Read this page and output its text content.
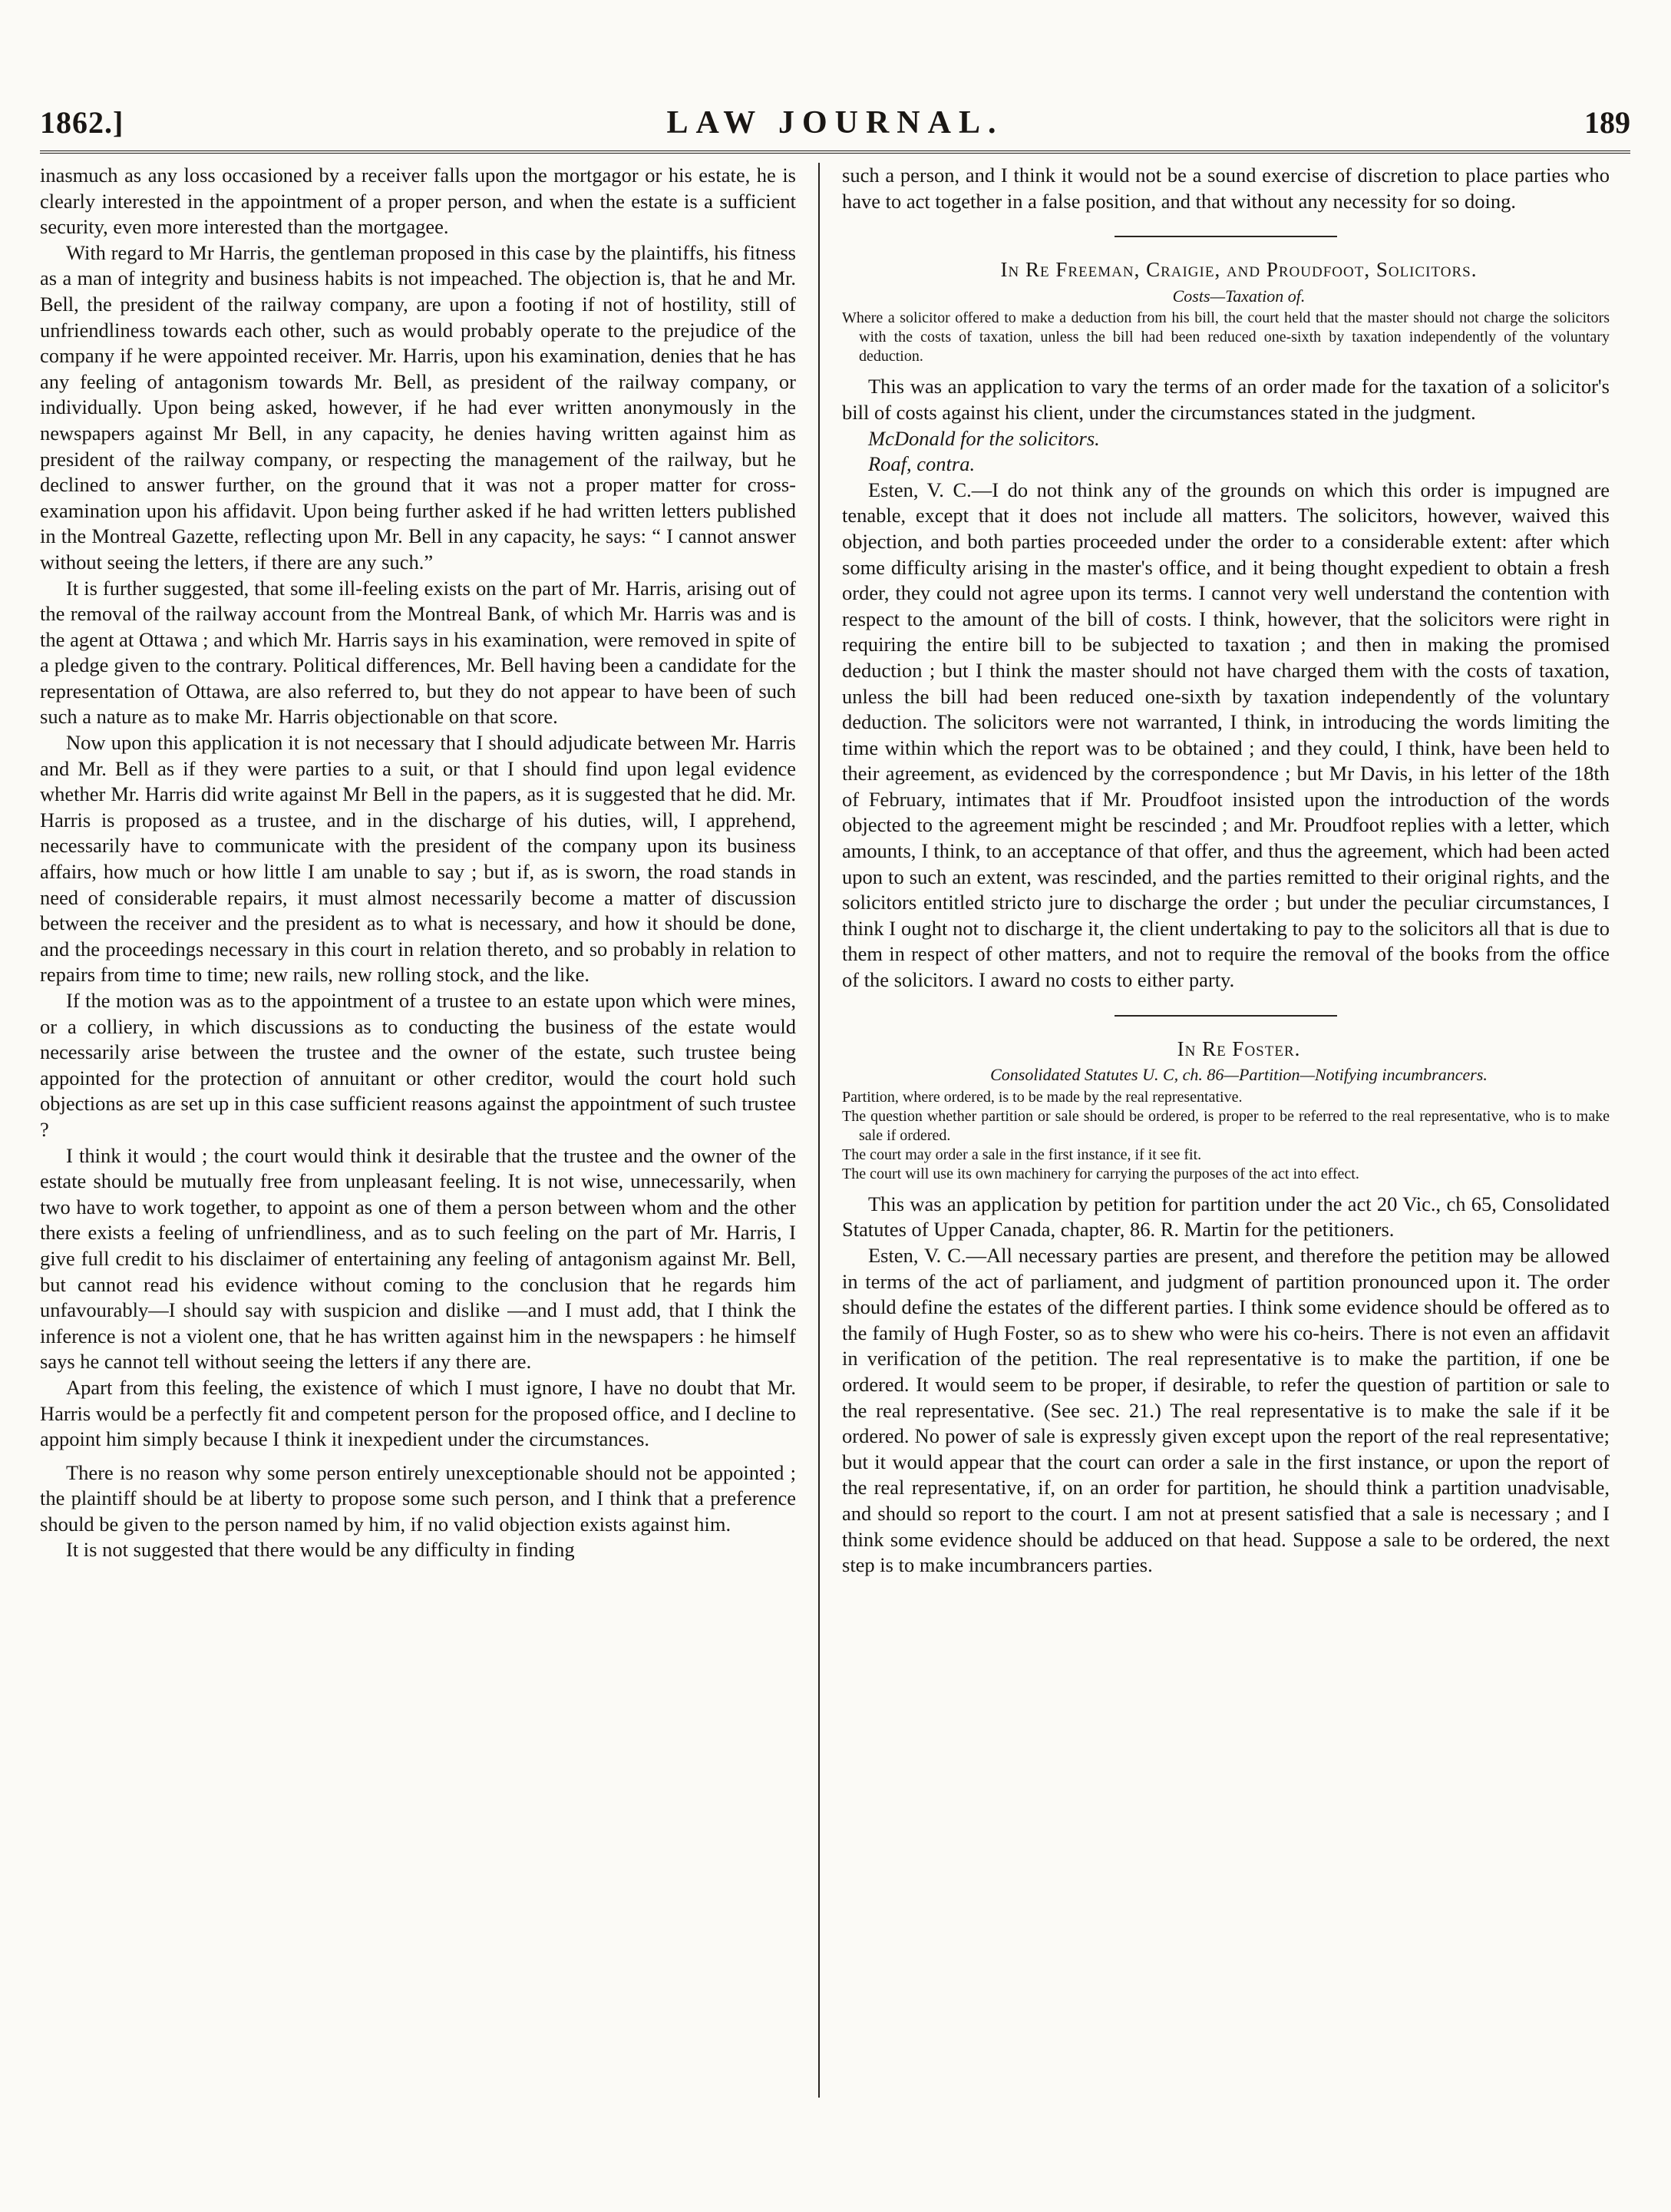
1862.]	LAW JOURNAL.	189

inasmuch as any loss occasioned by a receiver falls upon the mortgagor or his estate, he is clearly interested in the appointment of a proper person, and when the estate is a sufficient security, even more interested than the mortgagee.

With regard to Mr Harris, the gentleman proposed in this case by the plaintiffs, his fitness as a man of integrity and business habits is not impeached. The objection is, that he and Mr. Bell, the president of the railway company, are upon a footing if not of hostility, still of unfriendliness towards each other, such as would probably operate to the prejudice of the company if he were appointed receiver. Mr. Harris, upon his examination, denies that he has any feeling of antagonism towards Mr. Bell, as president of the railway company, or individually. Upon being asked, however, if he had ever written anonymously in the newspapers against Mr Bell, in any capacity, he denies having written against him as president of the railway company, or respecting the management of the railway, but he declined to answer further, on the ground that it was not a proper matter for cross-examination upon his affidavit. Upon being further asked if he had written letters published in the Montreal Gazette, reflecting upon Mr. Bell in any capacity, he says: “ I cannot answer without seeing the letters, if there are any such.”

It is further suggested, that some ill-feeling exists on the part of Mr. Harris, arising out of the removal of the railway account from the Montreal Bank, of which Mr. Harris was and is the agent at Ottawa ; and which Mr. Harris says in his examination, were removed in spite of a pledge given to the contrary. Political differences, Mr. Bell having been a candidate for the representation of Ottawa, are also referred to, but they do not appear to have been of such such a nature as to make Mr. Harris objectionable on that score.

Now upon this application it is not necessary that I should adjudicate between Mr. Harris and Mr. Bell as if they were parties to a suit, or that I should find upon legal evidence whether Mr. Harris did write against Mr Bell in the papers, as it is suggested that he did. Mr. Harris is proposed as a trustee, and in the discharge of his duties, will, I apprehend, necessarily have to communicate with the president of the company upon its business affairs, how much or how little I am unable to say ; but if, as is sworn, the road stands in need of considerable repairs, it must almost necessarily become a matter of discussion between the receiver and the president as to what is necessary, and how it should be done, and the proceedings necessary in this court in relation thereto, and so probably in relation to repairs from time to time; new rails, new rolling stock, and the like.

If the motion was as to the appointment of a trustee to an estate upon which were mines, or a colliery, in which discussions as to conducting the business of the estate would necessarily arise between the trustee and the owner of the estate, such trustee being appointed for the protection of annuitant or other creditor, would the court hold such objections as are set up in this case sufficient reasons against the appointment of such trustee ?

I think it would ; the court would think it desirable that the trustee and the owner of the estate should be mutually free from unpleasant feeling. It is not wise, unnecessarily, when two have to work together, to appoint as one of them a person between whom and the other there exists a feeling of unfriendliness, and as to such feeling on the part of Mr. Harris, I give full credit to his disclaimer of entertaining any feeling of antagonism against Mr. Bell, but cannot read his evidence without coming to the conclusion that he regards him unfavourably—I should say with suspicion and dislike —and I must add, that I think the inference is not a violent one, that he has written against him in the newspapers : he himself says he cannot tell without seeing the letters if any there are.

Apart from this feeling, the existence of which I must ignore, I have no doubt that Mr. Harris would be a perfectly fit and competent person for the proposed office, and I decline to appoint him simply because I think it inexpedient under the circumstances.

There is no reason why some person entirely unexceptionable should not be appointed ; the plaintiff should be at liberty to propose some such person, and I think that a preference should be given to the person named by him, if no valid objection exists against him.

It is not suggested that there would be any difficulty in finding

such a person, and I think it would not be a sound exercise of discretion to place parties who have to act together in a false position, and that without any necessity for so doing.

In Re Freeman, Craigie, and Proudfoot, Solicitors.

Costs—Taxation of.

Where a solicitor offered to make a deduction from his bill, the court held that the master should not charge the solicitors with the costs of taxation, unless the bill had been reduced one-sixth by taxation independently of the voluntary deduction.

This was an application to vary the terms of an order made for the taxation of a solicitor's bill of costs against his client, under the circumstances stated in the judgment.

McDonald for the solicitors.

Roaf, contra.

Esten, V. C.—I do not think any of the grounds on which this order is impugned are tenable, except that it does not include all matters. The solicitors, however, waived this objection, and both parties proceeded under the order to a considerable extent: after which some difficulty arising in the master's office, and it being thought expedient to obtain a fresh order, they could not agree upon its terms. I cannot very well understand the contention with respect to the amount of the bill of costs. I think, however, that the solicitors were right in requiring the entire bill to be subjected to taxation ; and then in making the promised deduction ; but I think the master should not have charged them with the costs of taxation, unless the bill had been reduced one-sixth by taxation independently of the voluntary deduction. The solicitors were not warranted, I think, in introducing the words limiting the time within which the report was to be obtained ; and they could, I think, have been held to their agreement, as evidenced by the correspondence ; but Mr Davis, in his letter of the 18th of February, intimates that if Mr. Proudfoot insisted upon the introduction of the words objected to the agreement might be rescinded ; and Mr. Proudfoot replies with a letter, which amounts, I think, to an acceptance of that offer, and thus the agreement, which had been acted upon to such an extent, was rescinded, and the parties remitted to their original rights, and the solicitors entitled stricto jure to discharge the order ; but under the peculiar circumstances, I think I ought not to discharge it, the client undertaking to pay to the solicitors all that is due to them in respect of other matters, and not to require the removal of the books from the office of the solicitors. I award no costs to either party.

In Re Foster.

Consolidated Statutes U. C, ch. 86—Partition—Notifying incumbrancers.

Partition, where ordered, is to be made by the real representative.

The question whether partition or sale should be ordered, is proper to be referred to the real representative, who is to make sale if ordered.

The court may order a sale in the first instance, if it see fit.

The court will use its own machinery for carrying the purposes of the act into effect.

This was an application by petition for partition under the act 20 Vic., ch 65, Consolidated Statutes of Upper Canada, chapter, 86. R. Martin for the petitioners.

Esten, V. C.—All necessary parties are present, and therefore the petition may be allowed in terms of the act of parliament, and judgment of partition pronounced upon it. The order should define the estates of the different parties. I think some evidence should be offered as to the family of Hugh Foster, so as to shew who were his co-heirs. There is not even an affidavit in verification of the petition. The real representative is to make the partition, if one be ordered. It would seem to be proper, if desirable, to refer the question of partition or sale to the real representative. (See sec. 21.) The real representative is to make the sale if it be ordered. No power of sale is expressly given except upon the report of the real representative; but it would appear that the court can order a sale in the first instance, or upon the report of the real representative, if, on an order for partition, he should think a partition unadvisable, and should so report to the court. I am not at present satisfied that a sale is necessary ; and I think some evidence should be adduced on that head. Suppose a sale to be ordered, the next step is to make incumbrancers parties.
